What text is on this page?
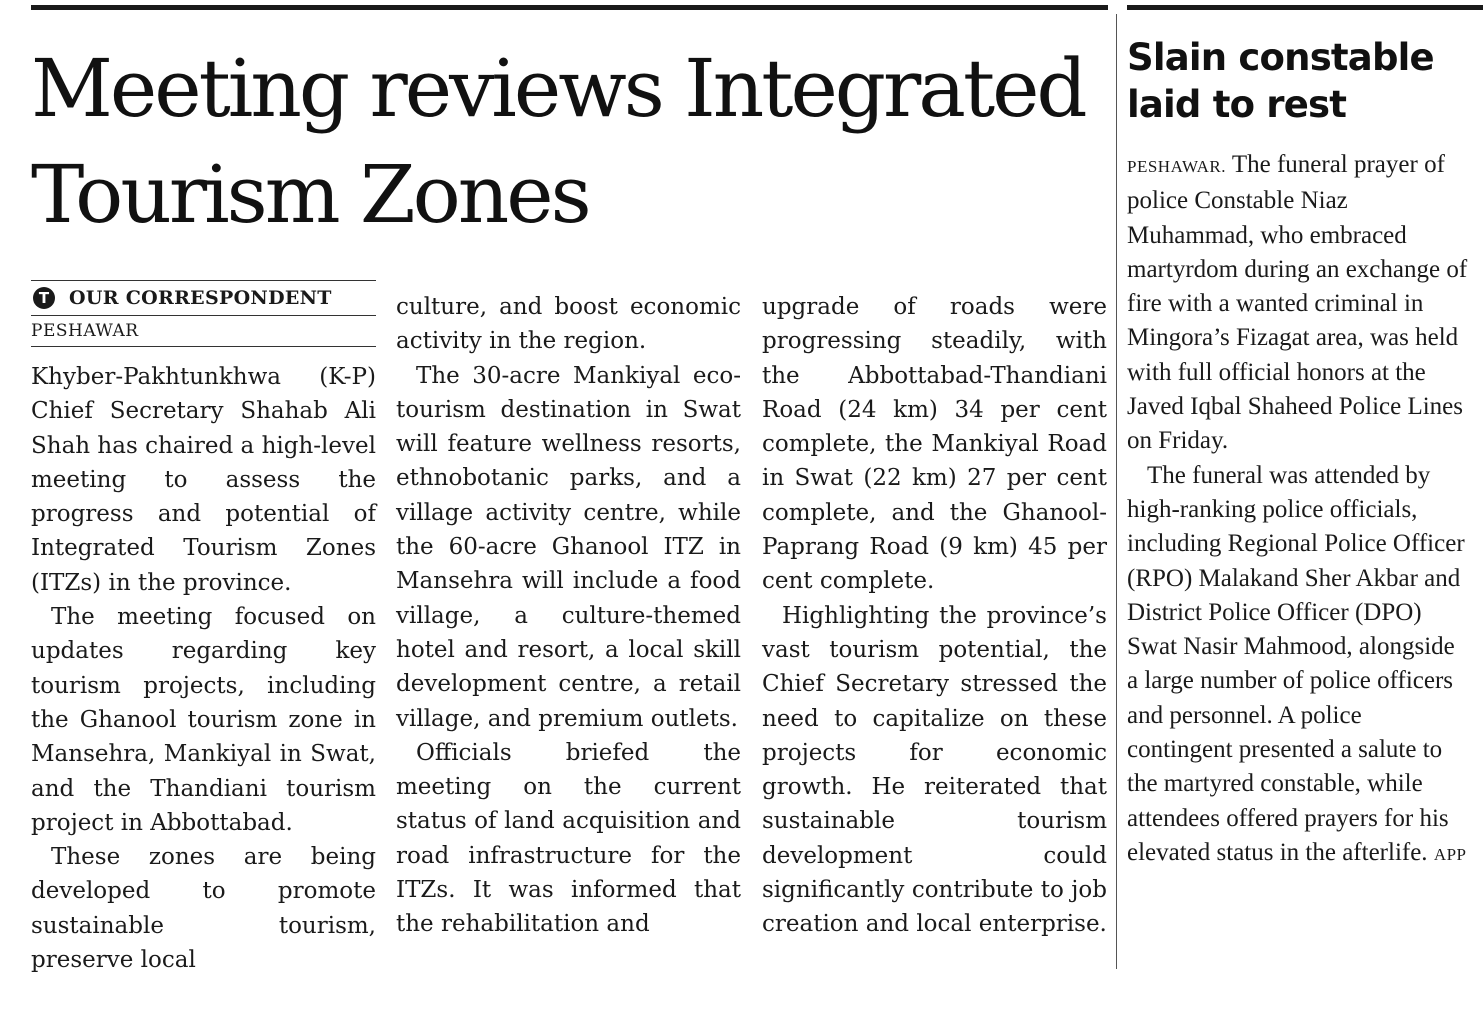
Meeting reviews Integrated Tourism Zones
T	OUR CORRESPONDENT
PESHAWAR

Khyber-Pakhtunkhwa (K-P) Chief Secretary Shahab Ali Shah has chaired a high-level meeting to assess the progress and potential of Integrated Tourism Zones (ITZs) in the province.

The meeting focused on updates regarding key tourism projects, including the Ghanool tourism zone in Mansehra, Mankiyal in Swat, and the Thandiani tourism project in Abbottabad.

These zones are being developed to promote sustainable tourism, preserve local

culture, and boost economic activity in the region.

The 30-acre Mankiyal eco-tourism destination in Swat will feature wellness resorts, ethnobotanic parks, and a village activity centre, while the 60-acre Ghanool ITZ in Mansehra will include a food village, a culture-themed hotel and resort, a local skill development centre, a retail village, and premium outlets.

Officials briefed the meeting on the current status of land acquisition and road infrastructure for the ITZs. It was informed that the rehabilitation and

upgrade of roads were progressing steadily, with the Abbottabad-Thandiani Road (24 km) 34 per cent complete, the Mankiyal Road in Swat (22 km) 27 per cent complete, and the Ghanool-Paprang Road (9 km) 45 per cent complete.

Highlighting the province’s vast tourism potential, the Chief Secretary stressed the need to capitalize on these projects for economic growth. He reiterated that sustainable tourism development could significantly contribute to job creation and local enterprise.

Slain constable laid to rest

PESHAWAR. The funeral prayer of police Constable Niaz Muhammad, who embraced martyrdom during an exchange of fire with a wanted criminal in Mingora’s Fizagat area, was held with full official honors at the Javed Iqbal Shaheed Police Lines on Friday.

The funeral was attended by high-ranking police officials, including Regional Police Officer (RPO) Malakand Sher Akbar and District Police Officer (DPO) Swat Nasir Mahmood, alongside a large number of police officers and personnel. A police contingent presented a salute to the martyred constable, while attendees offered prayers for his elevated status in the afterlife. APP
